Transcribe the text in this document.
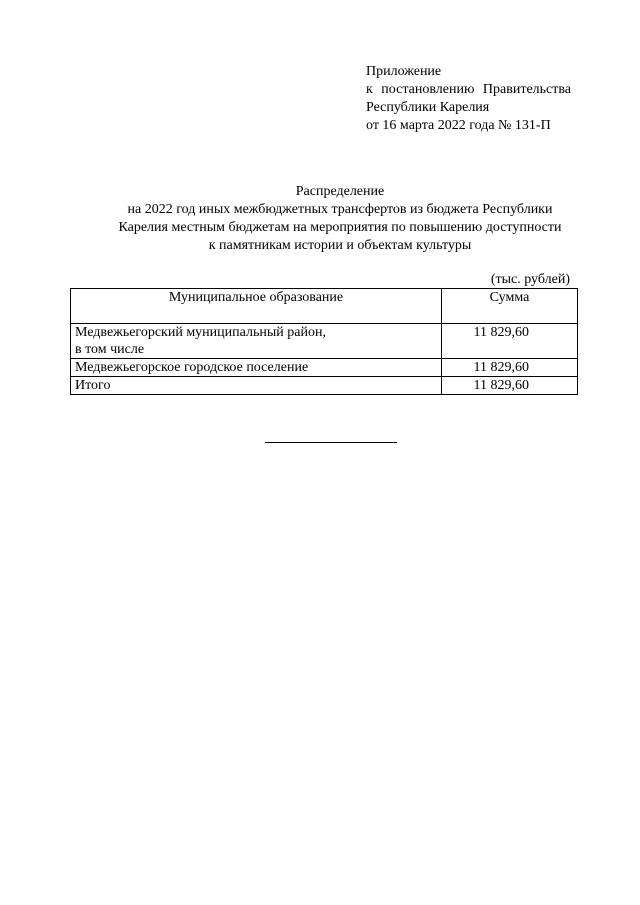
Приложение
к постановлению Правительства
Республики Карелия
от 16 марта 2022 года № 131-П
Распределение
на 2022 год иных межбюджетных трансфертов из бюджета Республики
Карелия местным бюджетам на мероприятия по повышению доступности
к памятникам истории и объектам культуры
(тыс. рублей)
Муниципальное образование	Сумма

Медвежьегорский муниципальный район,
в том числе	11 829,60
Медвежьегорское городское поселение	11 829,60
Итого	11 829,60
